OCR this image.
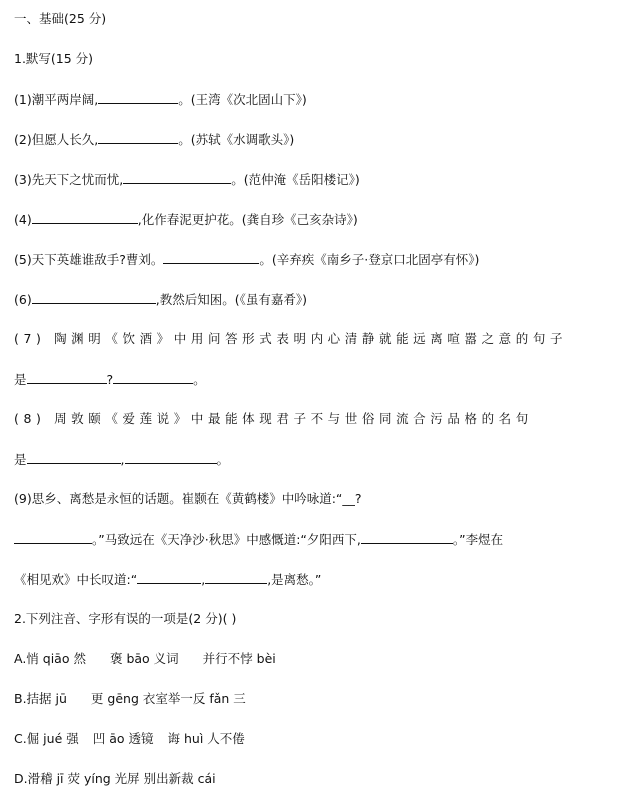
一、基础(25 分)
1.默写(15 分)
(1)潮平两岸阔,	。(王湾《次北固山下》)
(2)但愿人长久,	。(苏轼《水调歌头》)
(3)先天下之忧而忧,	。(范仲淹《岳阳楼记》)
(4)	,化作春泥更护花。(龚自珍《己亥杂诗》)
(5)天下英雄谁敌手?曹刘。	。(辛弃疾《南乡子·登京口北固亭有怀》)
(6)	,教然后知困。(《虽有嘉肴》)
(7) 陶渊明《饮酒》中用问答形式表明内心清静就能远离喧嚣之意的句子
是	?	。
(8) 周敦颐《爱莲说》中最能体现君子不与世俗同流合污品格的名句
是	,	。
(9)思乡、离愁是永恒的话题。崔颢在《黄鹤楼》中吟咏道:“__?
。”马致远在《天净沙·秋思》中感慨道:“夕阳西下,	。”李煜在
《相见欢》中长叹道:“	,	,是离愁。”
2.下列注音、字形有误的一项是(2 分)( )
A.悄 qiāo 然 褒 bāo 义词 并行不悖 bèi
B.拮据 jū 更 gēng 衣室举一反 fǎn 三
C.倔 jué 强 凹 āo 透镜 诲 huì 人不倦
D.滑稽 jī 荧 yíng 光屏 别出新裁 cái
